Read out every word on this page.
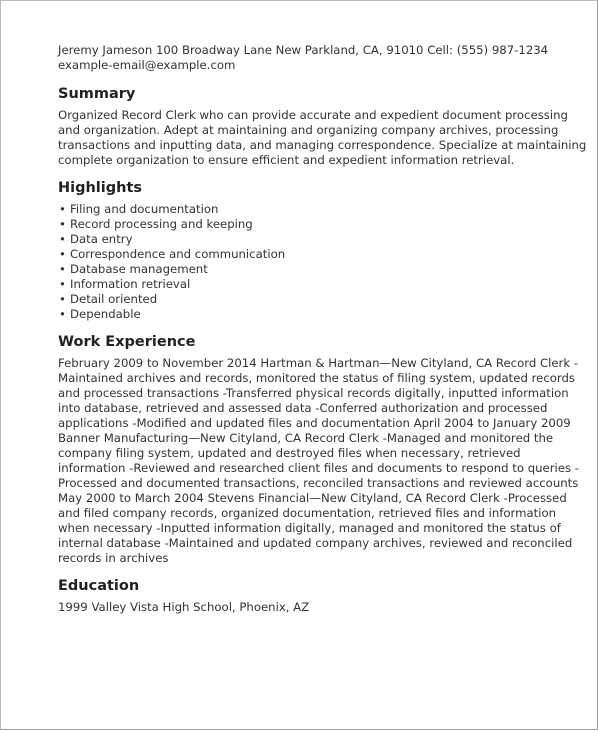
Jeremy Jameson 100 Broadway Lane New Parkland, CA, 91010 Cell: (555) 987-1234 example-email@example.com

Summary

Organized Record Clerk who can provide accurate and expedient document processing and organization. Adept at maintaining and organizing company archives, processing transactions and inputting data, and managing correspondence. Specialize at maintaining complete organization to ensure efficient and expedient information retrieval.

Highlights
• Filing and documentation
• Record processing and keeping
• Data entry
• Correspondence and communication
• Database management
• Information retrieval
• Detail oriented
• Dependable
Work Experience

February 2009 to November 2014 Hartman & Hartman—New Cityland, CA Record Clerk -Maintained archives and records, monitored the status of filing system, updated records and processed transactions -Transferred physical records digitally, inputted information into database, retrieved and assessed data -Conferred authorization and processed applications -Modified and updated files and documentation April 2004 to January 2009 Banner Manufacturing—New Cityland, CA Record Clerk -Managed and monitored the company filing system, updated and destroyed files when necessary, retrieved information -Reviewed and researched client files and documents to respond to queries -Processed and documented transactions, reconciled transactions and reviewed accounts May 2000 to March 2004 Stevens Financial—New Cityland, CA Record Clerk -Processed and filed company records, organized documentation, retrieved files and information when necessary -Inputted information digitally, managed and monitored the status of internal database -Maintained and updated company archives, reviewed and reconciled records in archives

Education

1999 Valley Vista High School, Phoenix, AZ
